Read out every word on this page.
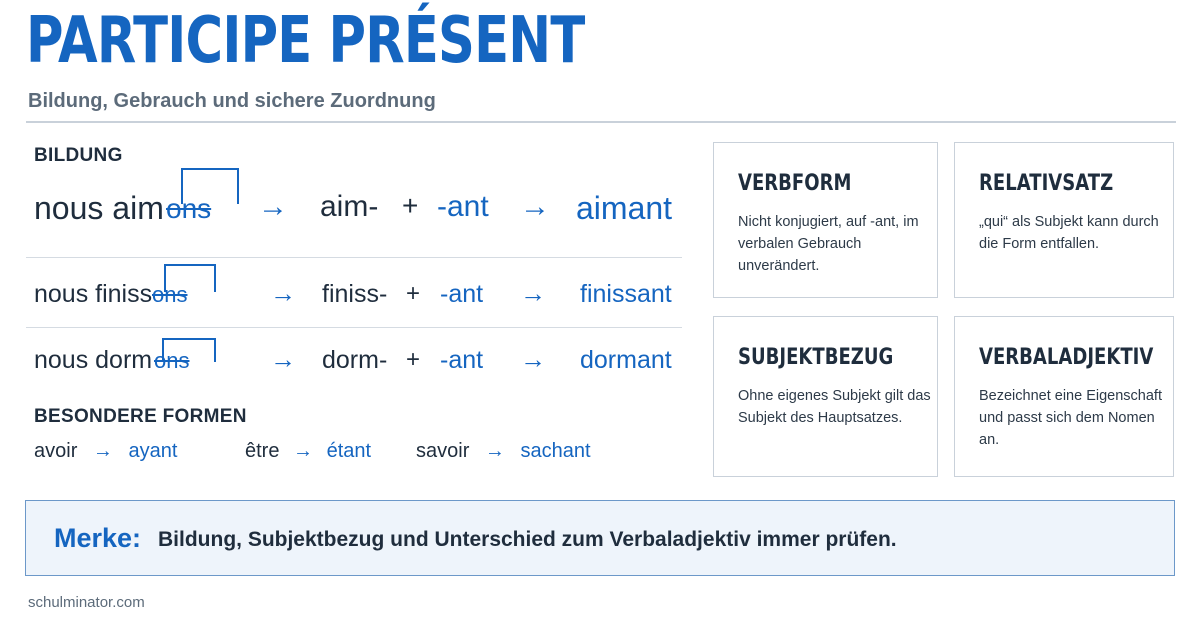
PARTICIPE PRÉSENT
Bildung, Gebrauch und sichere Zuordnung
BILDUNG
nous aim ons → aim- + -ant → aimant
nous finiss ons	→ finiss- + -ant → finissant
nous dorm ons	→ dorm- + -ant → dormant
BESONDERE FORMEN
avoir → ayant	être → étant savoir → sachant
VERBFORM
Nicht konjugiert, auf -ant, im verbalen Gebrauch unverändert.
RELATIVSATZ
„qui“ als Subjekt kann durch die Form entfallen.
SUBJEKTBEZUG
Ohne eigenes Subjekt gilt das Subjekt des Hauptsatzes.
VERBALADJEKTIV
Bezeichnet eine Eigenschaft und passt sich dem Nomen an.
Merke: Bildung, Subjektbezug und Unterschied zum Verbaladjektiv immer prüfen.
schulminator.com
